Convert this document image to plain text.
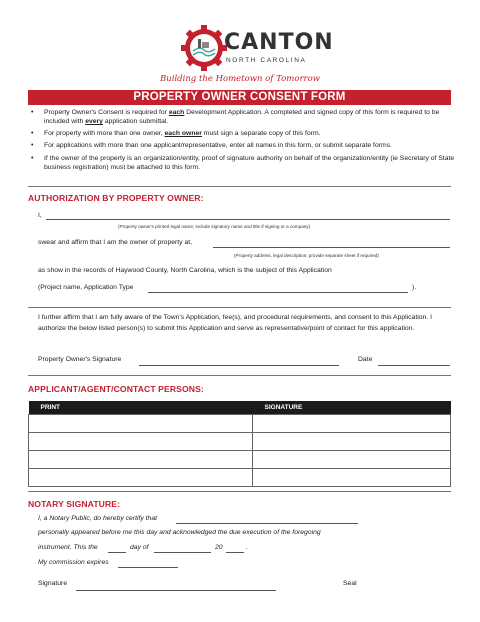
CANTON
NORTH CAROLINA
Building the Hometown of Tomorrow
PROPERTY OWNER CONSENT FORM
• Property Owner's Consent is required for each Development Application. A completed and signed copy of this form is required to be included with every application submittal.
• For property with more than one owner, each owner must sign a separate copy of this form.
• For applications with more than one applicant/representative, enter all names in this form, or submit separate forms.
• If the owner of the property is an organization/entity, proof of signature authority on behalf of the organization/entity (ie Secretary of State business registration) must be attached to this form.
AUTHORIZATION BY PROPERTY OWNER:
I,
(Property owner's printed legal name; include signatory name and title if signing or a company)
swear and affirm that I am the owner of property at,
(Property address, legal description; provide separate sheet if required)
as show in the records of Haywood County, North Carolina, which is the subject of this Application
(Project name, Application Type	).
I further affirm that I am fully aware of the Town's Application, fee(s), and procedural requirements, and consent to this Application. I authorize the below listed person(s) to submit this Application and serve as representative/point of contact for this application.
Property Owner's Signature	Date
APPLICANT/AGENT/CONTACT PERSONS:
PRINT	SIGNATURE

NOTARY SIGNATURE:
I, a Notary Public, do hereby certify that
personally appeared before me this day and acknowledged the due execution of the foregoing
instrument. This the	day of	20	.
My commission expires
Signature	Seal
